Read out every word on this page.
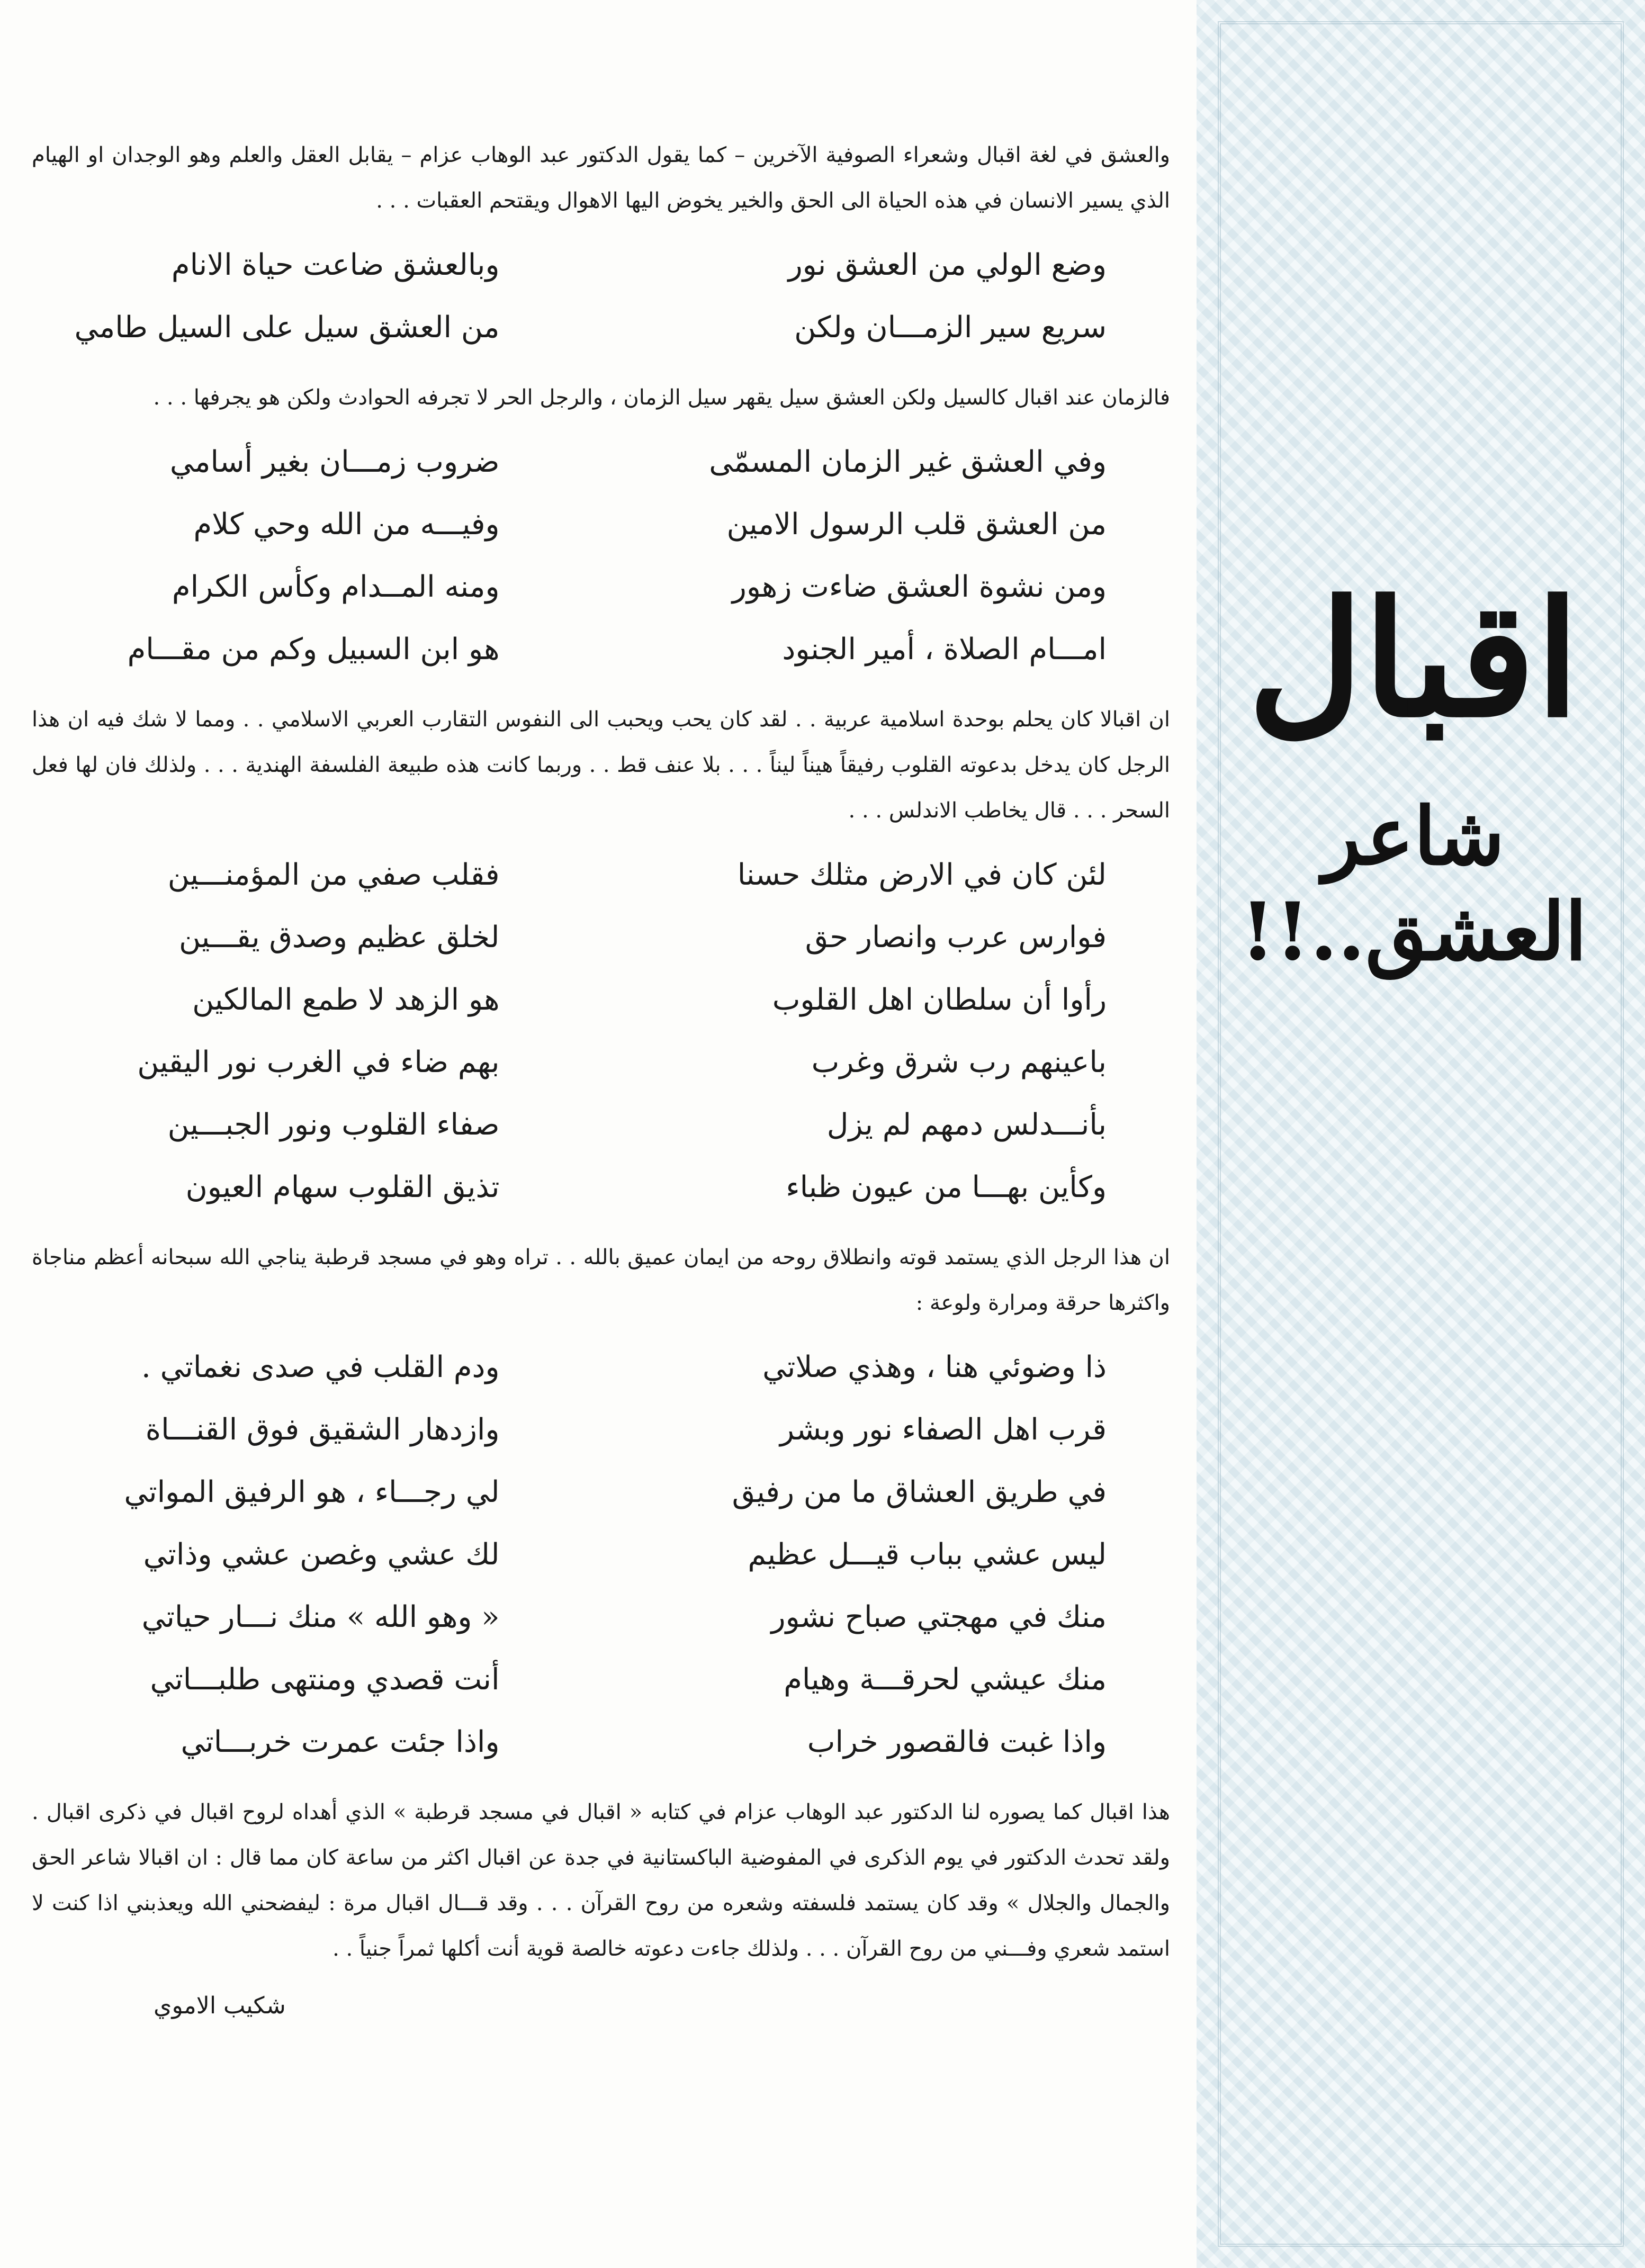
اقبال
شاعر العشق..!!

والعشق في لغة اقبال وشعراء الصوفية الآخرين – كما يقول الدكتور عبد الوهاب عزام – يقابل العقل والعلم وهو الوجدان او الهيام الذي يسير الانسان في هذه الحياة الى الحق والخير يخوض اليها الاهوال ويقتحم العقبات . . .

وضع الولي من العشق نور
وبالعشق ضاعت حياة الانام
سريع سير الزمـــان ولكن
من العشق سيل على السيل طامي

فالزمان عند اقبال كالسيل ولكن العشق سيل يقهر سيل الزمان ، والرجل الحر لا تجرفه الحوادث ولكن هو يجرفها . . .

وفي العشق غير الزمان المسمّى
ضروب زمـــان بغير أسامي
من العشق قلب الرسول الامين
وفيـــه من الله وحي كلام
ومن نشوة العشق ضاءت زهور
ومنه المــدام وكأس الكرام
امـــام الصلاة ، أمير الجنود
هو ابن السبيل وكم من مقـــام

ان اقبالا كان يحلم بوحدة اسلامية عربية . . لقد كان يحب ويحبب الى النفوس التقارب العربي الاسلامي . . ومما لا شك فيه ان هذا الرجل كان يدخل بدعوته القلوب رفيقاً هيناً ليناً . . . بلا عنف قط . . وربما كانت هذه طبيعة الفلسفة الهندية . . . ولذلك فان لها فعل السحر . . . قال يخاطب الاندلس . . .

لئن كان في الارض مثلك حسنا
فقلب صفي من المؤمنـــين
فوارس عرب وانصار حق
لخلق عظيم وصدق يقـــين
رأوا أن سلطان اهل القلوب
هو الزهد لا طمع المالكين
باعينهم رب شرق وغرب
بهم ضاء في الغرب نور اليقين
بأنـــدلس دمهم لم يزل
صفاء القلوب ونور الجبـــين
وكأين بهـــا من عيون ظباء
تذيق القلوب سهام العيون

ان هذا الرجل الذي يستمد قوته وانطلاق روحه من ايمان عميق بالله . . تراه وهو في مسجد قرطبة يناجي الله سبحانه أعظم مناجاة واكثرها حرقة ومرارة ولوعة :

ذا وضوئي هنا ، وهذي صلاتي
ودم القلب في صدى نغماتي .
قرب اهل الصفاء نور وبشر
وازدهار الشقيق فوق القنـــاة
في طريق العشاق ما من رفيق
لي رجـــاء ، هو الرفيق المواتي
ليس عشي بباب قيـــل عظيم
لك عشي وغصن عشي وذاتي
منك في مهجتي صباح نشور
« وهو الله » منك نـــار حياتي
منك عيشي لحرقـــة وهيام
أنت قصدي ومنتهى طلبـــاتي
واذا غبت فالقصور خراب
واذا جئت عمرت خربـــاتي

هذا اقبال كما يصوره لنا الدكتور عبد الوهاب عزام في كتابه « اقبال في مسجد قرطبة » الذي أهداه لروح اقبال في ذكرى اقبال . ولقد تحدث الدكتور في يوم الذكرى في المفوضية الباكستانية في جدة عن اقبال اكثر من ساعة كان مما قال : ان اقبالا شاعر الحق والجمال والجلال » وقد كان يستمد فلسفته وشعره من روح القرآن . . . وقد قـــال اقبال مرة : ليفضحني الله ويعذبني اذا كنت لا استمد شعري وفـــني من روح القرآن . . . ولذلك جاءت دعوته خالصة قوية أنت أكلها ثمراً جنياً . .

شكيب الاموي
